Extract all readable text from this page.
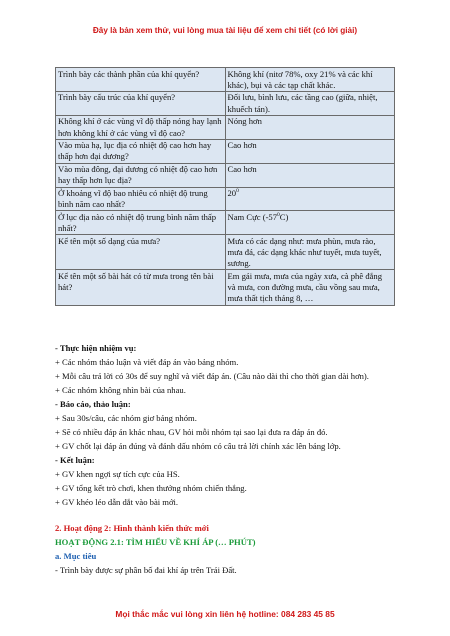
Đây là bản xem thử, vui lòng mua tài liệu để xem chi tiết (có lời giải)
Trình bày các thành phần của khí quyển?	Không khí (nitơ 78%, oxy 21% và các khí khác), bụi và các tạp chất khác.
Trình bày cấu trúc của khí quyển?	Đối lưu, bình lưu, các tầng cao (giữa, nhiệt, khuếch tán).
Không khí ở các vùng vĩ độ thấp nóng hay lạnh hơn không khí ở các vùng vĩ độ cao?	Nóng hơn
Vào mùa hạ, lục địa có nhiệt độ cao hơn hay thấp hơn đại dương?	Cao hơn
Vào mùa đông, đại dương có nhiệt độ cao hơn hay thấp hơn lục địa?	Cao hơn
Ở khoảng vĩ độ bao nhiêu có nhiệt độ trung bình năm cao nhất?	$20^0$
Ở lục địa nào có nhiệt độ trung bình năm thấp nhất?	Nam Cực $(-57^0C)$
Kể tên một số dạng của mưa?	Mưa có các dạng như: mưa phùn, mưa rào, mưa đá, các dạng khác như tuyết, mưa tuyết, sương.
Kể tên một số bài hát có từ mưa trong tên bài hát?	Em gái mưa, mưa của ngày xưa, cà phê đắng và mưa, con đường mưa, cầu vồng sau mưa, mưa thất tịch tháng 8, …

- Thực hiện nhiệm vụ:

+ Các nhóm thảo luận và viết đáp án vào bảng nhóm.

+ Mỗi câu trả lời có 30s để suy nghĩ và viết đáp án. (Câu nào dài thì cho thời gian dài hơn).

+ Các nhóm không nhìn bài của nhau.

- Báo cáo, thảo luận:

+ Sau 30s/câu, các nhóm giơ bảng nhóm.

+ Sẽ có nhiều đáp án khác nhau, GV hỏi mỗi nhóm tại sao lại đưa ra đáp án đó.

+ GV chốt lại đáp án đúng và đánh dấu nhóm có câu trả lời chính xác lên bảng lớp.

- Kết luận:

+ GV khen ngợi sự tích cực của HS.

+ GV tổng kết trò chơi, khen thưởng nhóm chiến thắng.

+ GV khéo léo dẫn dắt vào bài mới.

2. Hoạt động 2: Hình thành kiến thức mới

HOẠT ĐỘNG 2.1: TÌM HIỂU VỀ KHÍ ÁP (… PHÚT)

a. Mục tiêu

- Trình bày được sự phân bố đai khí áp trên Trái Đất.

Mọi thắc mắc vui lòng xin liên hệ hotline: 084 283 45 85
